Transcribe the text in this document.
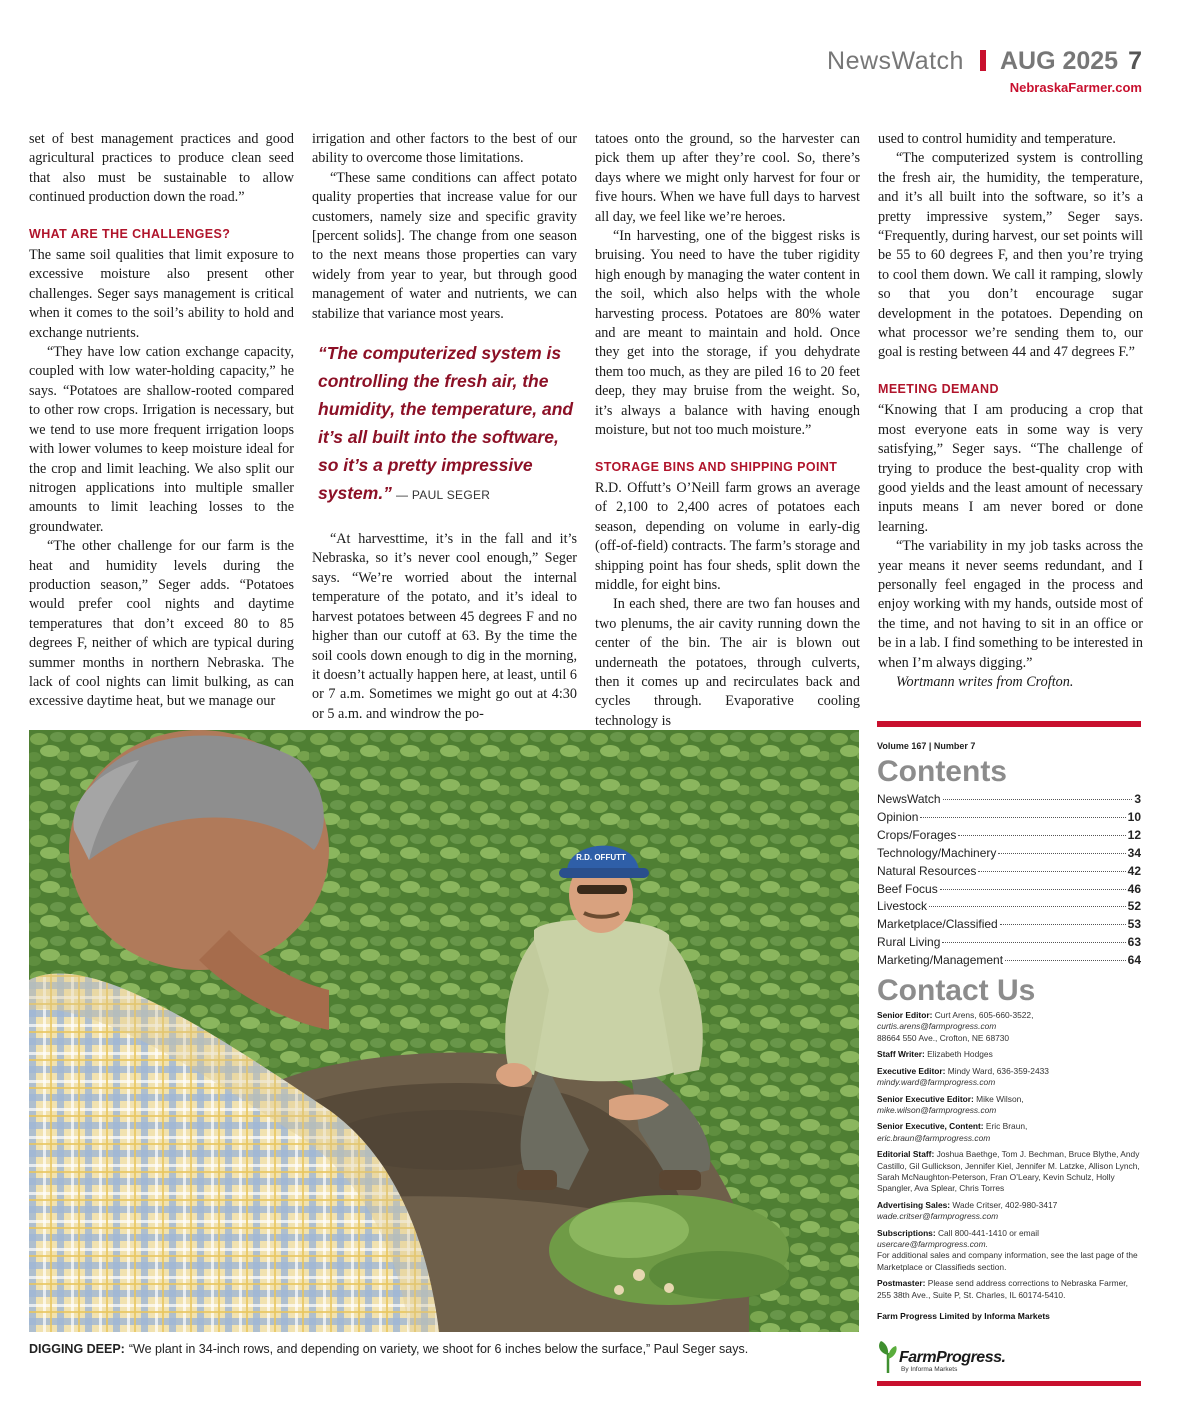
NewsWatch AUG 2025 7
NebraskaFarmer.com

set of best management practices and good agricultural practices to produce clean seed that also must be sustainable to allow continued production down the road.”

WHAT ARE THE CHALLENGES?

The same soil qualities that limit exposure to excessive moisture also present other challenges. Seger says management is critical when it comes to the soil’s ability to hold and exchange nutrients.

“They have low cation exchange capacity, coupled with low water-holding capacity,” he says. “Potatoes are shallow-rooted compared to other row crops. Irrigation is necessary, but we tend to use more frequent irrigation loops with lower volumes to keep moisture ideal for the crop and limit leaching. We also split our nitrogen applications into multiple smaller amounts to limit leaching losses to the groundwater.

“The other challenge for our farm is the heat and humidity levels during the production season,” Seger adds. “Potatoes would prefer cool nights and daytime temperatures that don’t exceed 80 to 85 degrees F, neither of which are typical during summer months in northern Nebraska. The lack of cool nights can limit bulking, as can excessive daytime heat, but we manage our

irrigation and other factors to the best of our ability to overcome those limitations.

“These same conditions can affect potato quality properties that increase value for our customers, namely size and specific gravity [percent solids]. The change from one season to the next means those properties can vary widely from year to year, but through good management of water and nutrients, we can stabilize that variance most years.

“The computerized system is controlling the fresh air, the humidity, the temperature, and it’s all built into the software, so it’s a pretty impressive system.” — PAUL SEGER

“At harvesttime, it’s in the fall and it’s Nebraska, so it’s never cool enough,” Seger says. “We’re worried about the internal temperature of the potato, and it’s ideal to harvest potatoes between 45 degrees F and no higher than our cutoff at 63. By the time the soil cools down enough to dig in the morning, it doesn’t actually happen here, at least, until 6 or 7 a.m. Sometimes we might go out at 4:30 or 5 a.m. and windrow the po-

tatoes onto the ground, so the harvester can pick them up after they’re cool. So, there’s days where we might only harvest for four or five hours. When we have full days to harvest all day, we feel like we’re heroes.

“In harvesting, one of the biggest risks is bruising. You need to have the tuber rigidity high enough by managing the water content in the soil, which also helps with the whole harvesting process. Potatoes are 80% water and are meant to maintain and hold. Once they get into the storage, if you dehydrate them too much, as they are piled 16 to 20 feet deep, they may bruise from the weight. So, it’s always a balance with having enough moisture, but not too much moisture.”

STORAGE BINS AND SHIPPING POINT

R.D. Offutt’s O’Neill farm grows an average of 2,100 to 2,400 acres of potatoes each season, depending on volume in early-dig (off-of-field) contracts. The farm’s storage and shipping point has four sheds, split down the middle, for eight bins.

In each shed, there are two fan houses and two plenums, the air cavity running down the center of the bin. The air is blown out underneath the potatoes, through culverts, then it comes up and recirculates back and cycles through. Evaporative cooling technology is

used to control humidity and temperature.

“The computerized system is controlling the fresh air, the humidity, the temperature, and it’s all built into the software, so it’s a pretty impressive system,” Seger says. “Frequently, during harvest, our set points will be 55 to 60 degrees F, and then you’re trying to cool them down. We call it ramping, slowly so that you don’t encourage sugar development in the potatoes. Depending on what processor we’re sending them to, our goal is resting between 44 and 47 degrees F.”

MEETING DEMAND

“Knowing that I am producing a crop that most everyone eats in some way is very satisfying,” Seger says. “The challenge of trying to produce the best-quality crop with good yields and the least amount of necessary inputs means I am never bored or done learning.

“The variability in my job tasks across the year means it never seems redundant, and I personally feel engaged in the process and enjoy working with my hands, outside most of the time, and not having to sit in an office or be in a lab. I find something to be interested in when I’m always digging.”

Wortmann writes from Crofton.

R.D. OFFUTT
DIGGING DEEP: “We plant in 34-inch rows, and depending on variety, we shoot for 6 inches below the surface,” Paul Seger says.
Volume 167 | Number 7
Contents
NewsWatch	3
Opinion	10
Crops/Forages	12
Technology/Machinery	34
Natural Resources	42
Beef Focus	46
Livestock	52
Marketplace/Classified	53
Rural Living	63
Marketing/Management	64
Contact Us
Senior Editor: Curt Arens, 605-660-3522, curtis.arens@farmprogress.com
88664 550 Ave., Crofton, NE 68730
Staff Writer: Elizabeth Hodges
Executive Editor: Mindy Ward, 636-359-2433
mindy.ward@farmprogress.com
Senior Executive Editor: Mike Wilson, mike.wilson@farmprogress.com
Senior Executive, Content: Eric Braun, eric.braun@farmprogress.com
Editorial Staff: Joshua Baethge, Tom J. Bechman, Bruce Blythe, Andy Castillo, Gil Gullickson, Jennifer Kiel, Jennifer M. Latzke, Allison Lynch, Sarah McNaughton-Peterson, Fran O’Leary, Kevin Schulz, Holly Spangler, Ava Splear, Chris Torres
Advertising Sales: Wade Critser, 402-980-3417
wade.critser@farmprogress.com
Subscriptions: Call 800-441-1410 or email usercare@farmprogress.com.
For additional sales and company information, see the last page of the Marketplace or Classifieds section.
Postmaster: Please send address corrections to Nebraska Farmer, 255 38th Ave., Suite P, St. Charles, IL 60174-5410.
Farm Progress Limited by Informa Markets
FarmProgress.
By Informa Markets
